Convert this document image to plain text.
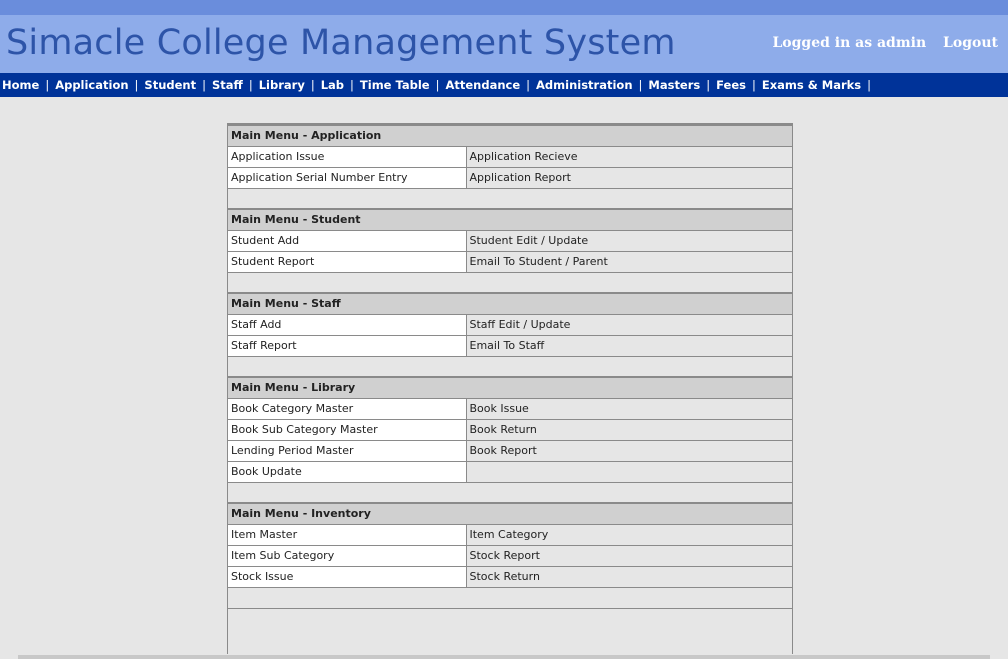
Simacle College Management System	Logged in as admin Logout
Home | Application | Student | Staff | Library | Lab | Time Table | Attendance | Administration | Masters | Fees | Exams & Marks |
Main Menu - Application	
Application Issue	Application Recieve
Application Serial Number Entry	Application Report

Main Menu - Student	
Student Add	Student Edit / Update
Student Report	Email To Student / Parent

Main Menu - Staff	
Staff Add	Staff Edit / Update
Staff Report	Email To Staff

Main Menu - Library	
Book Category Master	Book Issue
Book Sub Category Master	Book Return
Lending Period Master	Book Report
Book Update	

Main Menu - Inventory	
Item Master	Item Category
Item Sub Category	Stock Report
Stock Issue	Stock Return
